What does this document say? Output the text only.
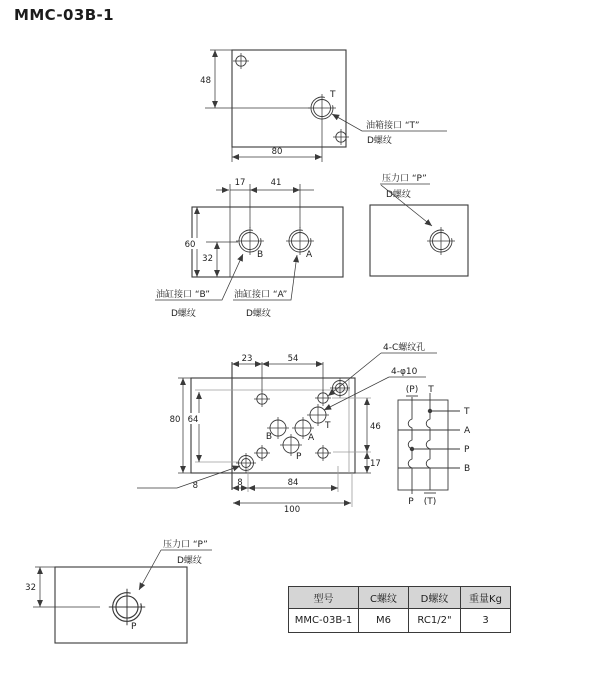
MMC-03B-1
T
48
80
油箱接口 “T”
D螺纹
17	41
60
32	B	A
油缸接口 “B”
D螺纹
油缸接口 “A”
D螺纹
压力口 “P”
D螺纹
T
B	A
P
23	54
80 64
46
17
8	84
100
8
4-C螺纹孔
4-φ10
(P) T
T
A
P
B
P (T)
32
P
压力口 “P”
D螺纹
型号	C螺纹	D螺纹	重量Kg
MMC-03B-1	M6	RC1/2"	3
